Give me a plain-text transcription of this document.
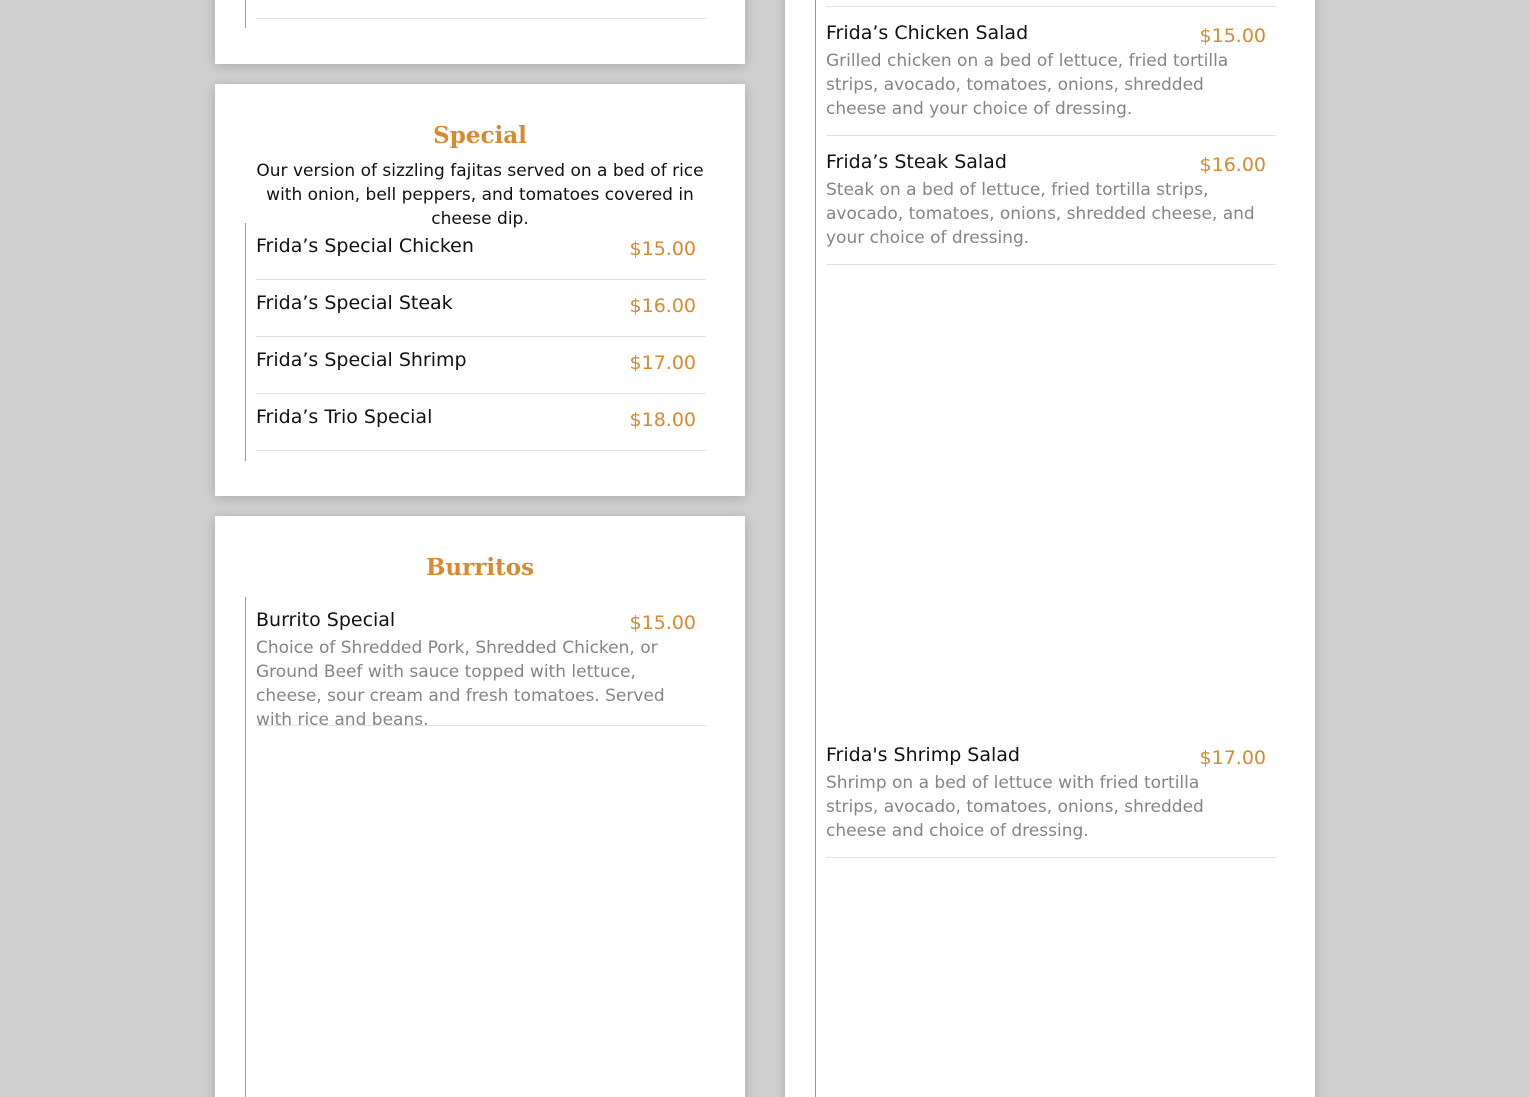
Special

Our version of sizzling fajitas served on a bed of rice with onion, bell peppers, and tomatoes covered in cheese dip.

Frida’s Special Chicken	$15.00
Frida’s Special Steak	$16.00
Frida’s Special Shrimp	$17.00
Frida’s Trio Special	$18.00
Burritos
Burrito Special	$15.00
Choice of Shredded Pork, Shredded Chicken, or Ground Beef with sauce topped with lettuce, cheese, sour cream and fresh tomatoes. Served with rice and beans.
Frida’s Chicken Salad	$15.00
Grilled chicken on a bed of lettuce, fried tortilla strips, avocado, tomatoes, onions, shredded cheese and your choice of dressing.
Frida’s Steak Salad	$16.00
Steak on a bed of lettuce, fried tortilla strips, avocado, tomatoes, onions, shredded cheese, and your choice of dressing.
Frida's Shrimp Salad	$17.00
Shrimp on a bed of lettuce with fried tortilla strips, avocado, tomatoes, onions, shredded cheese and choice of dressing.
